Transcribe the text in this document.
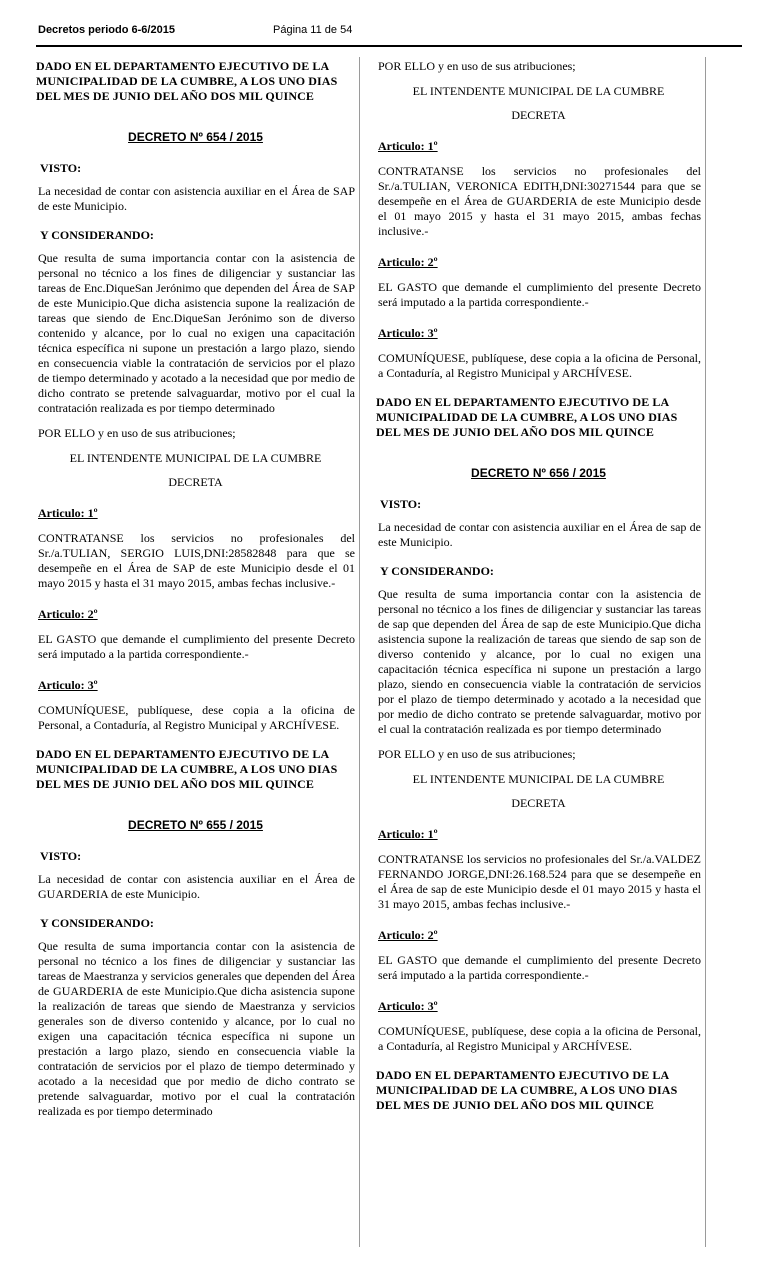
Decretos periodo 6-6/2015	Página 11 de 54
DADO EN EL DEPARTAMENTO EJECUTIVO DE LA MUNICIPALIDAD DE LA CUMBRE, A LOS UNO DIAS DEL MES DE JUNIO DEL AÑO DOS MIL QUINCE
DECRETO Nº 654 / 2015
VISTO:
La necesidad de contar con asistencia auxiliar en el Área de SAP de este Municipio.
Y CONSIDERANDO:
Que resulta de suma importancia contar con la asistencia de personal no técnico a los fines de diligenciar y sustanciar las tareas de Enc.DiqueSan Jerónimo que dependen del Área de SAP de este Municipio.Que dicha asistencia supone la realización de tareas que siendo de Enc.DiqueSan Jerónimo son de diverso contenido y alcance, por lo cual no exigen una capacitación técnica específica ni supone un prestación a largo plazo, siendo en consecuencia viable la contratación de servicios por el plazo de tiempo determinado y acotado a la necesidad que por medio de dicho contrato se pretende salvaguardar, motivo por el cual la contratación realizada es por tiempo determinado
POR ELLO y en uso de sus atribuciones;
EL INTENDENTE MUNICIPAL DE LA CUMBRE
DECRETA
Articulo: 1º
CONTRATANSE los servicios no profesionales del Sr./a.TULIAN, SERGIO LUIS,DNI:28582848 para que se desempeñe en el Área de SAP de este Municipio desde el 01 mayo 2015 y hasta el 31 mayo 2015, ambas fechas inclusive.-
Articulo: 2º
EL GASTO que demande el cumplimiento del presente Decreto será imputado a la partida correspondiente.-
Articulo: 3º
COMUNÍQUESE, publíquese, dese copia a la oficina de Personal, a Contaduría, al Registro Municipal y ARCHÍVESE.
DADO EN EL DEPARTAMENTO EJECUTIVO DE LA MUNICIPALIDAD DE LA CUMBRE, A LOS UNO DIAS DEL MES DE JUNIO DEL AÑO DOS MIL QUINCE
DECRETO Nº 655 / 2015
VISTO:
La necesidad de contar con asistencia auxiliar en el Área de GUARDERIA de este Municipio.
Y CONSIDERANDO:
Que resulta de suma importancia contar con la asistencia de personal no técnico a los fines de diligenciar y sustanciar las tareas de Maestranza y servicios generales que dependen del Área de GUARDERIA de este Municipio.Que dicha asistencia supone la realización de tareas que siendo de Maestranza y servicios generales son de diverso contenido y alcance, por lo cual no exigen una capacitación técnica específica ni supone un prestación a largo plazo, siendo en consecuencia viable la contratación de servicios por el plazo de tiempo determinado y acotado a la necesidad que por medio de dicho contrato se pretende salvaguardar, motivo por el cual la contratación realizada es por tiempo determinado
POR ELLO y en uso de sus atribuciones;
EL INTENDENTE MUNICIPAL DE LA CUMBRE
DECRETA
Articulo: 1º
CONTRATANSE los servicios no profesionales del Sr./a.TULIAN, VERONICA EDITH,DNI:30271544 para que se desempeñe en el Área de GUARDERIA de este Municipio desde el 01 mayo 2015 y hasta el 31 mayo 2015, ambas fechas inclusive.-
Articulo: 2º
EL GASTO que demande el cumplimiento del presente Decreto será imputado a la partida correspondiente.-
Articulo: 3º
COMUNÍQUESE, publíquese, dese copia a la oficina de Personal, a Contaduría, al Registro Municipal y ARCHÍVESE.
DADO EN EL DEPARTAMENTO EJECUTIVO DE LA MUNICIPALIDAD DE LA CUMBRE, A LOS UNO DIAS DEL MES DE JUNIO DEL AÑO DOS MIL QUINCE
DECRETO Nº 656 / 2015
VISTO:
La necesidad de contar con asistencia auxiliar en el Área de sap de este Municipio.
Y CONSIDERANDO:
Que resulta de suma importancia contar con la asistencia de personal no técnico a los fines de diligenciar y sustanciar las tareas de sap que dependen del Área de sap de este Municipio.Que dicha asistencia supone la realización de tareas que siendo de sap son de diverso contenido y alcance, por lo cual no exigen una capacitación técnica específica ni supone un prestación a largo plazo, siendo en consecuencia viable la contratación de servicios por el plazo de tiempo determinado y acotado a la necesidad que por medio de dicho contrato se pretende salvaguardar, motivo por el cual la contratación realizada es por tiempo determinado
POR ELLO y en uso de sus atribuciones;
EL INTENDENTE MUNICIPAL DE LA CUMBRE
DECRETA
Articulo: 1º
CONTRATANSE los servicios no profesionales del Sr./a.VALDEZ FERNANDO JORGE,DNI:26.168.524 para que se desempeñe en el Área de sap de este Municipio desde el 01 mayo 2015 y hasta el 31 mayo 2015, ambas fechas inclusive.-
Articulo: 2º
EL GASTO que demande el cumplimiento del presente Decreto será imputado a la partida correspondiente.-
Articulo: 3º
COMUNÍQUESE, publíquese, dese copia a la oficina de Personal, a Contaduría, al Registro Municipal y ARCHÍVESE.
DADO EN EL DEPARTAMENTO EJECUTIVO DE LA MUNICIPALIDAD DE LA CUMBRE, A LOS UNO DIAS DEL MES DE JUNIO DEL AÑO DOS MIL QUINCE
